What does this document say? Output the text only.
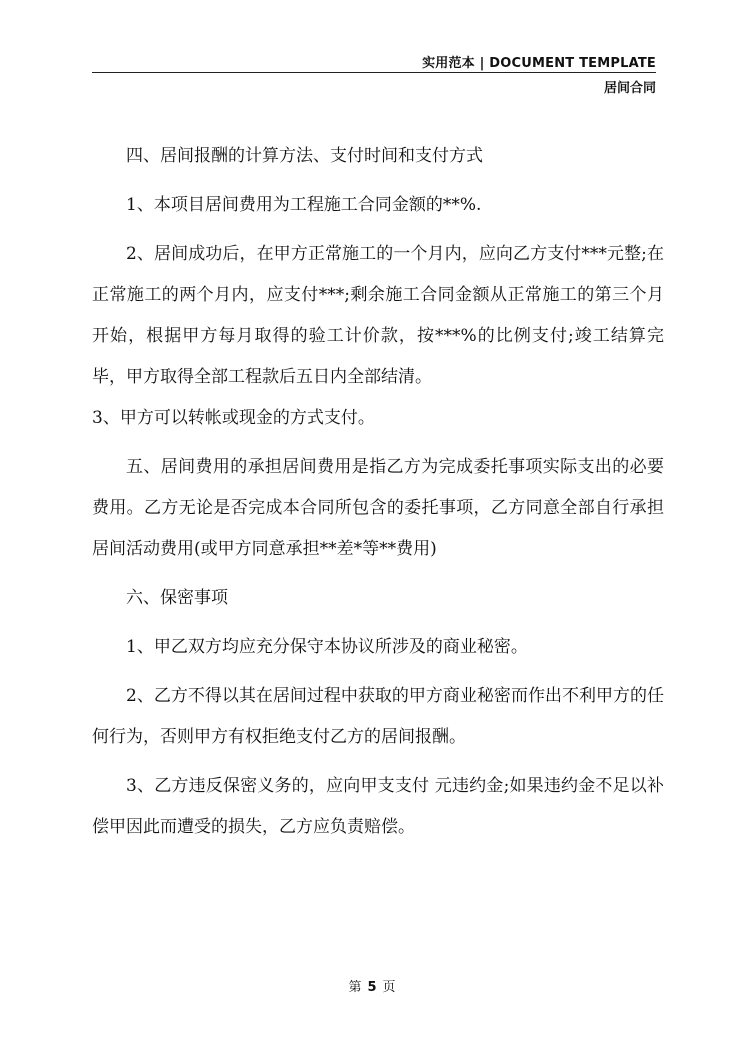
实用范本 | DOCUMENT TEMPLATE
居间合同

四、居间报酬的计算方法、支付时间和支付方式

1、本项目居间费用为工程施工合同金额的**%.

2、居间成功后，在甲方正常施工的一个月内，应向乙方支付***元整;在正常施工的两个月内，应支付***;剩余施工合同金额从正常施工的第三个月开始，根据甲方每月取得的验工计价款，按***%的比例支付;竣工结算完毕，甲方取得全部工程款后五日内全部结清。

3、甲方可以转帐或现金的方式支付。

五、居间费用的承担居间费用是指乙方为完成委托事项实际支出的必要费用。乙方无论是否完成本合同所包含的委托事项，乙方同意全部自行承担居间活动费用(或甲方同意承担**差*等**费用)

六、保密事项

1、甲乙双方均应充分保守本协议所涉及的商业秘密。

2、乙方不得以其在居间过程中获取的甲方商业秘密而作出不利甲方的任何行为，否则甲方有权拒绝支付乙方的居间报酬。

3、乙方违反保密义务的，应向甲支支付 元违约金;如果违约金不足以补偿甲因此而遭受的损失，乙方应负责赔偿。

第 5 页
